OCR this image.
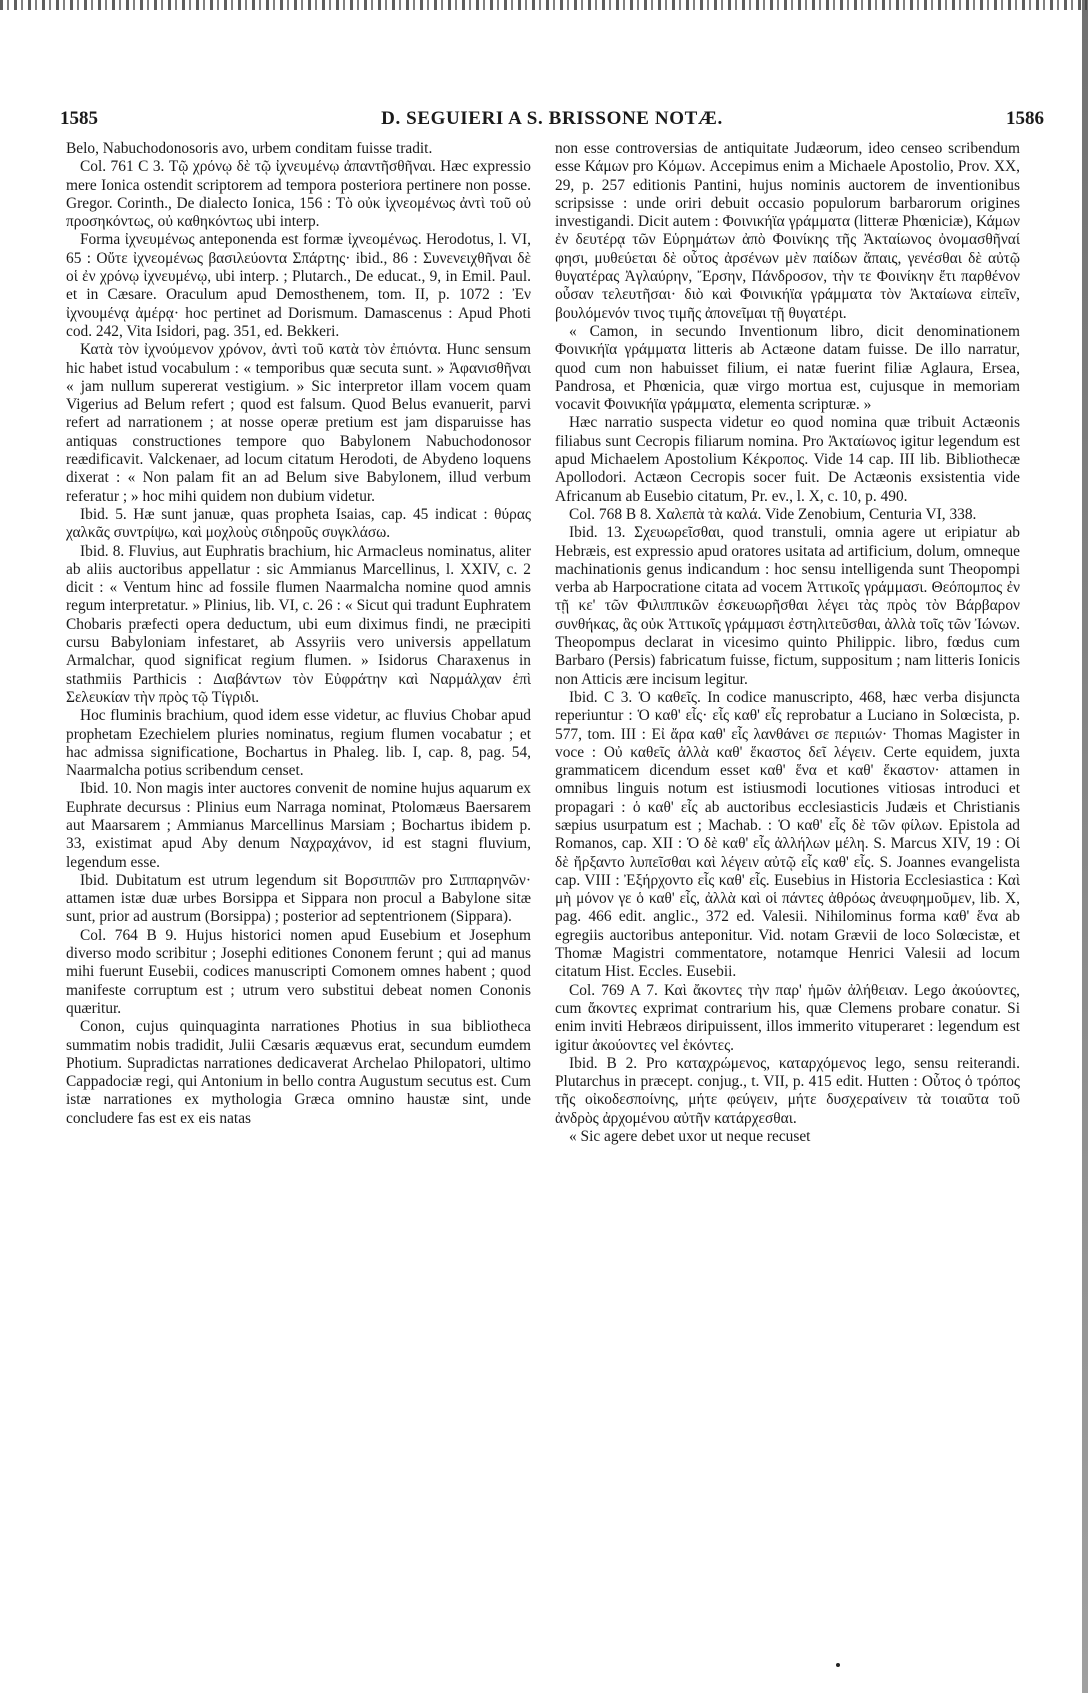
1585	D. SEGUIERI A S. BRISSONE NOTÆ.	1586

Belo, Nabuchodonosoris avo, urbem conditam fuisse tradit.

Col. 761 C 3. Τῷ χρόνῳ δὲ τῷ ἰχνευμένῳ ἀπαντῆσθῆναι. Hæc expressio mere Ionica ostendit scriptorem ad tempora posteriora pertinere non posse. Gregor. Corinth., De dialecto Ionica, 156 : Τὸ οὐκ ἰχνεομένως ἀντὶ τοῦ οὐ προσηκόντως, οὐ καθηκόντως ubi interp.

Forma ἰχνευμένως anteponenda est formæ ἰχνεομένως. Herodotus, l. VI, 65 : Οὔτε ἰχνεομένως βασιλεύοντα Σπάρτης· ibid., 86 : Συνενειχθῆναι δὲ οἱ ἐν χρόνῳ ἰχνευμένῳ, ubi interp. ; Plutarch., De educat., 9, in Emil. Paul. et in Cæsare. Oraculum apud Demosthenem, tom. II, p. 1072 : Ἐν ἰχνουμένᾳ ἀμέρᾳ· hoc pertinet ad Dorismum. Damascenus : Apud Photi cod. 242, Vita Isidori, pag. 351, ed. Bekkeri.

Κατὰ τὸν ἰχνούμενον χρόνον, ἀντὶ τοῦ κατὰ τὸν ἐπιόντα. Hunc sensum hic habet istud vocabulum : « temporibus quæ secuta sunt. » Ἀφανισθῆναι « jam nullum supererat vestigium. » Sic interpretor illam vocem quam Vigerius ad Belum refert ; quod est falsum. Quod Belus evanuerit, parvi refert ad narrationem ; at nosse operæ pretium est jam disparuisse has antiquas constructiones tempore quo Babylonem Nabuchodonosor reædificavit. Valckenaer, ad locum citatum Herodoti, de Abydeno loquens dixerat : « Non palam fit an ad Belum sive Babylonem, illud verbum referatur ; » hoc mihi quidem non dubium videtur.

Ibid. 5. Hæ sunt januæ, quas propheta Isaias, cap. 45 indicat : θύρας χαλκᾶς συντρίψω, καὶ μοχλοὺς σιδηροῦς συγκλάσω.

Ibid. 8. Fluvius, aut Euphratis brachium, hic Armacleus nominatus, aliter ab aliis auctoribus appellatur : sic Ammianus Marcellinus, l. XXIV, c. 2 dicit : « Ventum hinc ad fossile flumen Naarmalcha nomine quod amnis regum interpretatur. » Plinius, lib. VI, c. 26 : « Sicut qui tradunt Euphratem Chobaris præfecti opera deductum, ubi eum diximus findi, ne præcipiti cursu Babyloniam infestaret, ab Assyriis vero universis appellatum Armalchar, quod significat regium flumen. » Isidorus Charaxenus in stathmiis Parthicis : Διαβάντων τὸν Εὐφράτην καὶ Ναρμάλχαν ἐπὶ Σελευκίαν τὴν πρὸς τῷ Τίγριδι.

Hoc fluminis brachium, quod idem esse videtur, ac fluvius Chobar apud prophetam Ezechielem pluries nominatus, regium flumen vocabatur ; et hac admissa significatione, Bochartus in Phaleg. lib. I, cap. 8, pag. 54, Naarmalcha potius scribendum censet.

Ibid. 10. Non magis inter auctores convenit de nomine hujus aquarum ex Euphrate decursus : Plinius eum Narraga nominat, Ptolomæus Baersarem aut Maarsarem ; Ammianus Marcellinus Marsiam ; Bochartus ibidem p. 33, existimat apud Aby denum Ναχραχάνον, id est stagni fluvium, legendum esse.

Ibid. Dubitatum est utrum legendum sit Βορσιππῶν pro Σιππαρηνῶν· attamen istæ duæ urbes Borsippa et Sippara non procul a Babylone sitæ sunt, prior ad austrum (Borsippa) ; posterior ad septentrionem (Sippara).

Col. 764 B 9. Hujus historici nomen apud Eusebium et Josephum diverso modo scribitur ; Josephi editiones Cononem ferunt ; qui ad manus mihi fuerunt Eusebii, codices manuscripti Comonem omnes habent ; quod manifeste corruptum est ; utrum vero substitui debeat nomen Cononis quæritur.

Conon, cujus quinquaginta narrationes Photius in sua bibliotheca summatim nobis tradidit, Julii Cæsaris æquævus erat, secundum eumdem Photium. Supradictas narrationes dedicaverat Archelao Philopatori, ultimo Cappadociæ regi, qui Antonium in bello contra Augustum secutus est. Cum istæ narrationes ex mythologia Græca omnino haustæ sint, unde concludere fas est ex eis natas

non esse controversias de antiquitate Judæorum, ideo censeo scribendum esse Κάμων pro Κόμων. Accepimus enim a Michaele Apostolio, Prov. XX, 29, p. 257 editionis Pantini, hujus nominis auctorem de inventionibus scripsisse : unde oriri debuit occasio populorum barbarorum origines investigandi. Dicit autem : Φοινικήϊα γράμματα (litteræ Phœniciæ), Κάμων ἐν δευτέρᾳ τῶν Εὑρημάτων ἀπὸ Φοινίκης τῆς Ἀκταίωνος ὀνομασθῆναί φησι, μυθεύεται δὲ οὗτος ἀρσένων μὲν παίδων ἄπαις, γενέσθαι δὲ αὐτῷ θυγατέρας Ἀγλαύρην, Ἔρσην, Πάνδροσον, τὴν τε Φοινίκην ἔτι παρθένον οὖσαν τελευτῆσαι· διὸ καὶ Φοινικήϊα γράμματα τὸν Ἀκταίωνα εἰπεῖν, βουλόμενόν τινος τιμῆς ἀπονεῖμαι τῇ θυγατέρι.

« Camon, in secundo Inventionum libro, dicit denominationem Φοινικήϊα γράμματα litteris ab Actæone datam fuisse. De illo narratur, quod cum non habuisset filium, ei natæ fuerint filiæ Aglaura, Ersea, Pandrosa, et Phœnicia, quæ virgo mortua est, cujusque in memoriam vocavit Φοινικήϊα γράμματα, elementa scripturæ. »

Hæc narratio suspecta videtur eo quod nomina quæ tribuit Actæonis filiabus sunt Cecropis filiarum nomina. Pro Ἀκταίωνος igitur legendum est apud Michaelem Apostolium Κέκροπος. Vide 14 cap. III lib. Bibliothecæ Apollodori. Actæon Cecropis socer fuit. De Actæonis exsistentia vide Africanum ab Eusebio citatum, Pr. ev., l. X, c. 10, p. 490.

Col. 768 B 8. Χαλεπὰ τὰ καλά. Vide Zenobium, Centuria VI, 338.

Ibid. 13. Σχευωρεῖσθαι, quod transtuli, omnia agere ut eripiatur ab Hebræis, est expressio apud oratores usitata ad artificium, dolum, omneque machinationis genus indicandum : hoc sensu intelligenda sunt Theopompi verba ab Harpocratione citata ad vocem Ἀττικοῖς γράμμασι. Θεόπομπος ἐν τῇ κε' τῶν Φιλιππικῶν ἐσκευωρῆσθαι λέγει τὰς πρὸς τὸν Βάρβαρον συνθήκας, ἃς οὐκ Ἀττικοῖς γράμμασι ἐστηλιτεῦσθαι, ἀλλὰ τοῖς τῶν Ἰώνων. Theopompus declarat in vicesimo quinto Philippic. libro, fœdus cum Barbaro (Persis) fabricatum fuisse, fictum, suppositum ; nam litteris Ionicis non Atticis ære incisum legitur.

Ibid. C 3. Ὁ καθεῖς. In codice manuscripto, 468, hæc verba disjuncta reperiuntur : Ὁ καθ' εἷς· εἷς καθ' εἷς reprobatur a Luciano in Solœcista, p. 577, tom. III : Εἰ ἄρα καθ' εἷς λανθάνει σε περιιών· Thomas Magister in voce : Οὐ καθεῖς ἀλλὰ καθ' ἕκαστος δεῖ λέγειν. Certe equidem, juxta grammaticem dicendum esset καθ' ἕνα et καθ' ἕκαστον· attamen in omnibus linguis notum est istiusmodi locutiones vitiosas introduci et propagari : ὁ καθ' εἷς ab auctoribus ecclesiasticis Judæis et Christianis sæpius usurpatum est ; Machab. : Ὁ καθ' εἷς δὲ τῶν φίλων. Epistola ad Romanos, cap. XII : Ὁ δὲ καθ' εἷς ἀλλήλων μέλη. S. Marcus XIV, 19 : Οἱ δὲ ἤρξαντο λυπεῖσθαι καὶ λέγειν αὐτῷ εἷς καθ' εἷς. S. Joannes evangelista cap. VIII : Ἐξήρχοντο εἷς καθ' εἷς. Eusebius in Historia Ecclesiastica : Καὶ μὴ μόνον γε ὁ καθ' εἷς, ἀλλὰ καὶ οἱ πάντες ἀθρόως ἀνευφημοῦμεν, lib. X, pag. 466 edit. anglic., 372 ed. Valesii. Nihilominus forma καθ' ἕνα ab egregiis auctoribus anteponitur. Vid. notam Grævii de loco Solœcistæ, et Thomæ Magistri commentatore, notamque Henrici Valesii ad locum citatum Hist. Eccles. Eusebii.

Col. 769 A 7. Καὶ ἄκοντες τὴν παρ' ἡμῶν ἀλήθειαν. Lego ἀκούοντες, cum ἄκοντες exprimat contrarium his, quæ Clemens probare conatur. Si enim inviti Hebræos diripuissent, illos immerito vituperaret : legendum est igitur ἀκούοντες vel ἑκόντες.

Ibid. B 2. Pro καταχρώμενος, καταρχόμενος lego, sensu reiterandi. Plutarchus in præcept. conjug., t. VII, p. 415 edit. Hutten : Οὗτος ὁ τρόπος τῆς οἰκοδεσποίνης, μήτε φεύγειν, μήτε δυσχεραίνειν τὰ τοιαῦτα τοῦ ἀνδρὸς ἀρχομένου αὐτῆν κατάρχεσθαι.

« Sic agere debet uxor ut neque recuset
